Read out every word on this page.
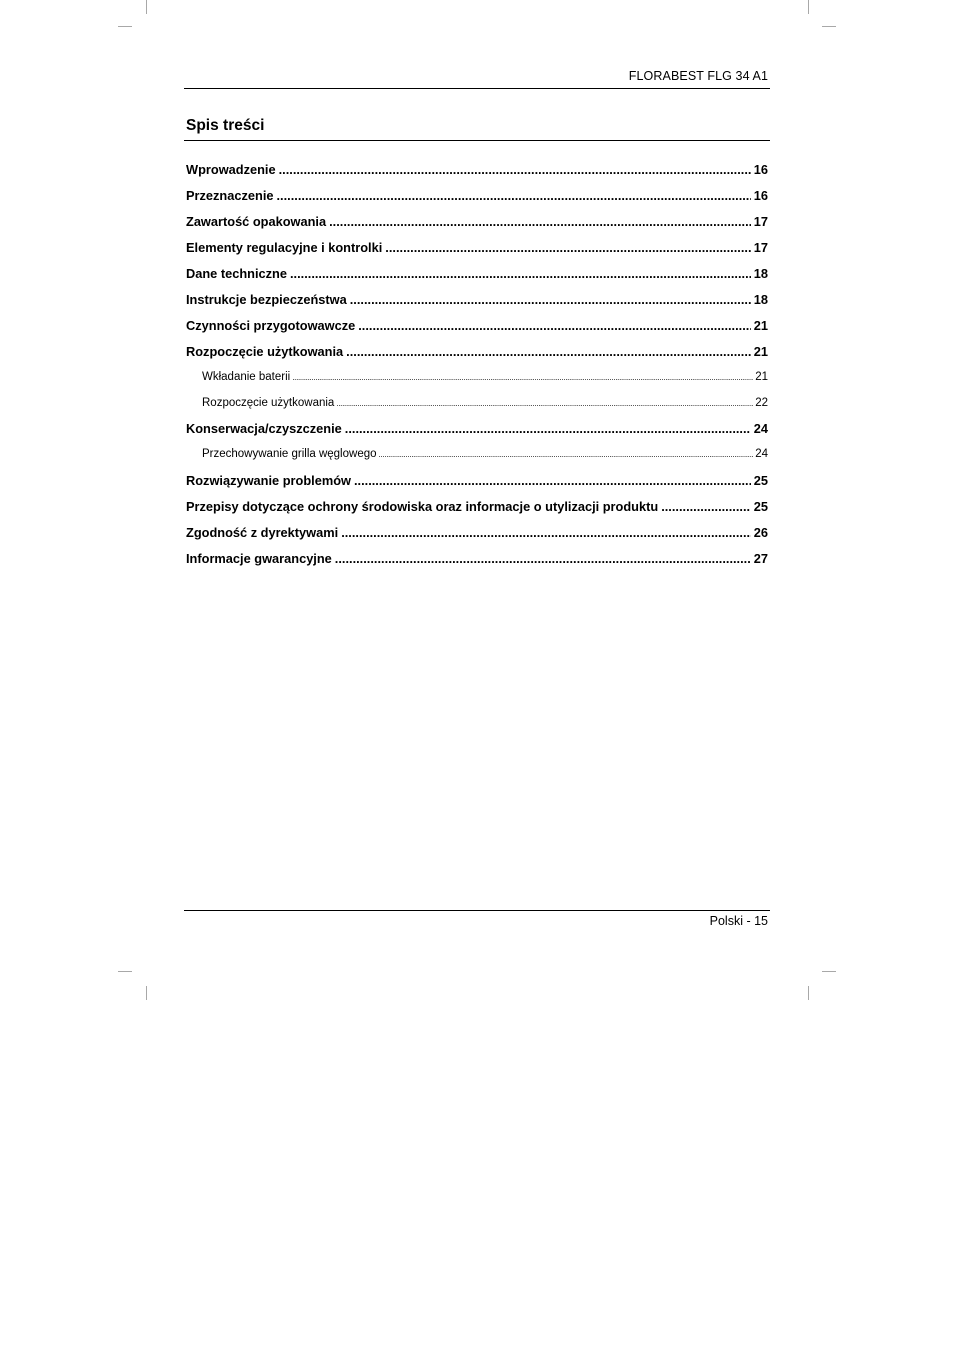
FLORABEST FLG 34 A1
Spis treści
Wprowadzenie .....	16
Przeznaczenie .....	16
Zawartość opakowania .....	17
Elementy regulacyjne i kontrolki .....	17
Dane techniczne .....	18
Instrukcje bezpieczeństwa .....	18
Czynności przygotowawcze .....	21
Rozpoczęcie użytkowania .....	21
Wkładanie baterii .....	21
Rozpoczęcie użytkowania .....	22
Konserwacja/czyszczenie .....	24
Przechowywanie grilla węglowego .....	24
Rozwiązywanie problemów .....	25
Przepisy dotyczące ochrony środowiska oraz informacje o utylizacji produktu .....	25
Zgodność z dyrektywami .....	26
Informacje gwarancyjne .....	27
Polski - 15
